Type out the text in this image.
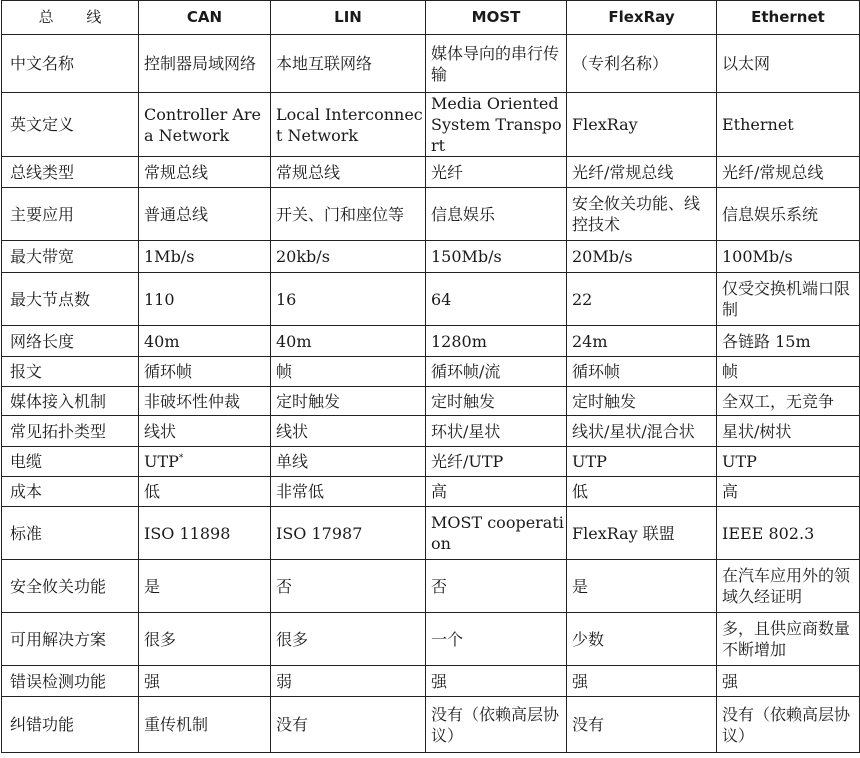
总 线	CAN	LIN	MOST	FlexRay	Ethernet
中文名称	控制器局域网络	本地互联网络	媒体导向的串行传输	（专利名称）	以太网
英文定义	Controller Area Network	Local Interconnect Network	Media Oriented System Transport	FlexRay	Ethernet
总线类型	常规总线	常规总线	光纤	光纤/常规总线	光纤/常规总线
主要应用	普通总线	开关、门和座位等	信息娱乐	安全攸关功能、线控技术	信息娱乐系统
最大带宽	1Mb/s	20kb/s	150Mb/s	20Mb/s	100Mb/s
最大节点数	110	16	64	22	仅受交换机端口限制
网络长度	40m	40m	1280m	24m	各链路 15m
报文	循环帧	帧	循环帧/流	循环帧	帧
媒体接入机制	非破坏性仲裁	定时触发	定时触发	定时触发	全双工，无竞争
常见拓扑类型	线状	线状	环状/星状	线状/星状/混合状	星状/树状
电缆	UTP*	单线	光纤/UTP	UTP	UTP
成本	低	非常低	高	低	高
标准	ISO 11898	ISO 17987	MOST cooperation	FlexRay 联盟	IEEE 802.3
安全攸关功能	是	否	否	是	在汽车应用外的领域久经证明
可用解决方案	很多	很多	一个	少数	多，且供应商数量不断增加
错误检测功能	强	弱	强	强	强
纠错功能	重传机制	没有	没有（依赖高层协议）	没有	没有（依赖高层协议）
